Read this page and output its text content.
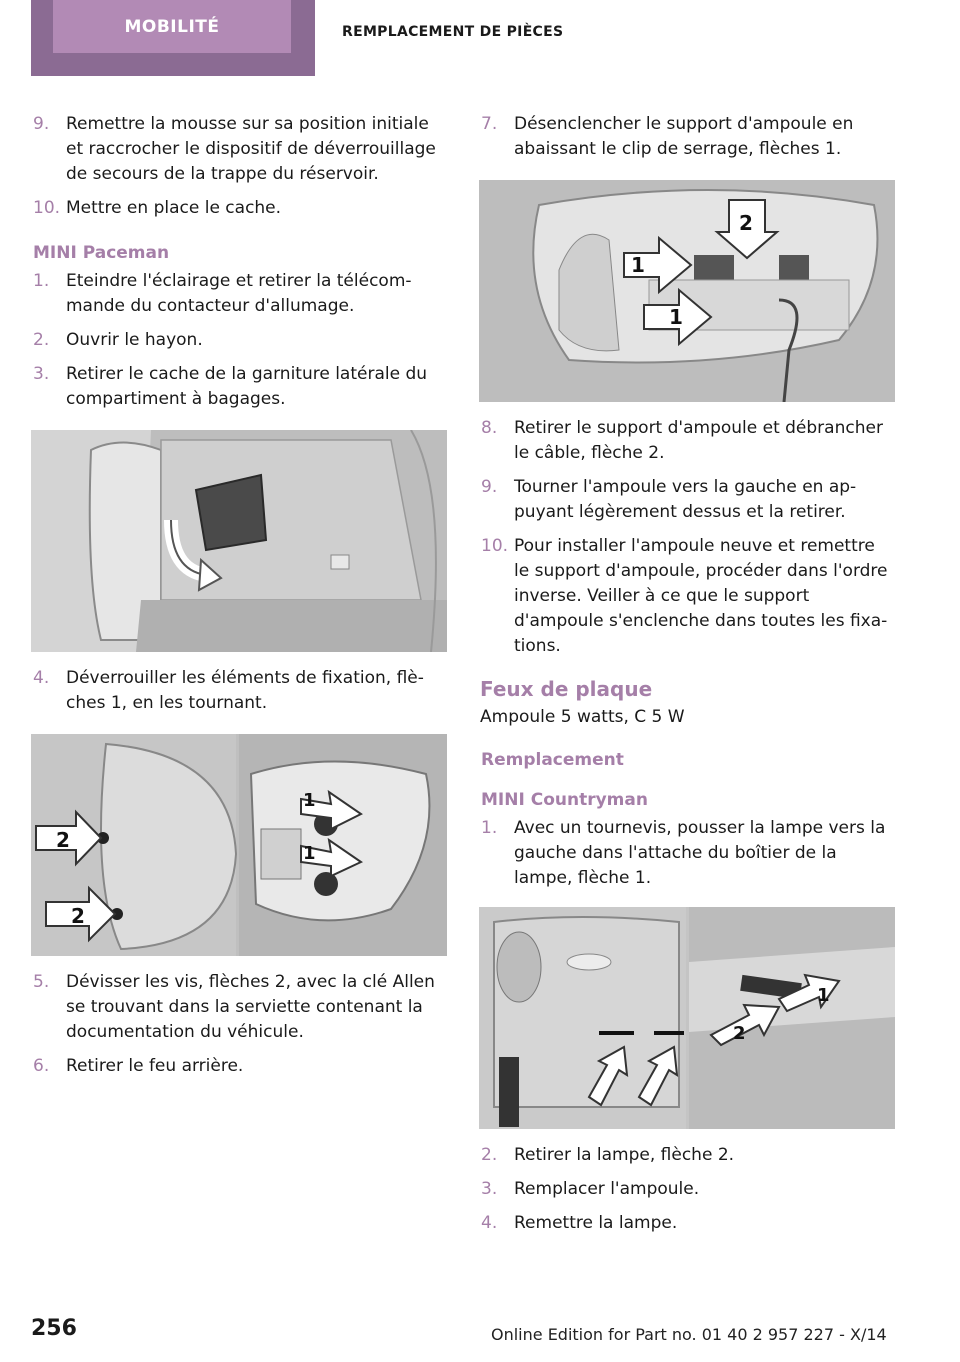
MOBILITÉ	REMPLACEMENT DE PIÈCES
9. Remettre la mousse sur sa position initiale et raccrocher le dispositif de déverrouillage de secours de la trappe du réservoir.
10. Mettre en place le cache.
MINI Paceman
1. Eteindre l'éclairage et retirer la télécommande du contacteur d'allumage.
2. Ouvrir le hayon.
3. Retirer le cache de la garniture latérale du compartiment à bagages.
4. Déverrouiller les éléments de fixation, flèches 1, en les tournant.
2
2
1
1
5. Dévisser les vis, flèches 2, avec la clé Allen se trouvant dans la serviette contenant la documentation du véhicule.
6. Retirer le feu arrière.
7. Désenclencher le support d'ampoule en abaissant le clip de serrage, flèches 1.
1
2
1
8. Retirer le support d'ampoule et débrancher le câble, flèche 2.
9. Tourner l'ampoule vers la gauche en appuyant légèrement dessus et la retirer.
10. Pour installer l'ampoule neuve et remettre le support d'ampoule, procéder dans l'ordre inverse. Veiller à ce que le support d'ampoule s'enclenche dans toutes les fixations.
Feux de plaque
Ampoule 5 watts, C 5 W
Remplacement
MINI Countryman
1. Avec un tournevis, pousser la lampe vers la gauche dans l'attache du boîtier de la lampe, flèche 1.
1
2
2. Retirer la lampe, flèche 2.
3. Remplacer l'ampoule.
4. Remettre la lampe.
256	Online Edition for Part no. 01 40 2 957 227 - X/14
